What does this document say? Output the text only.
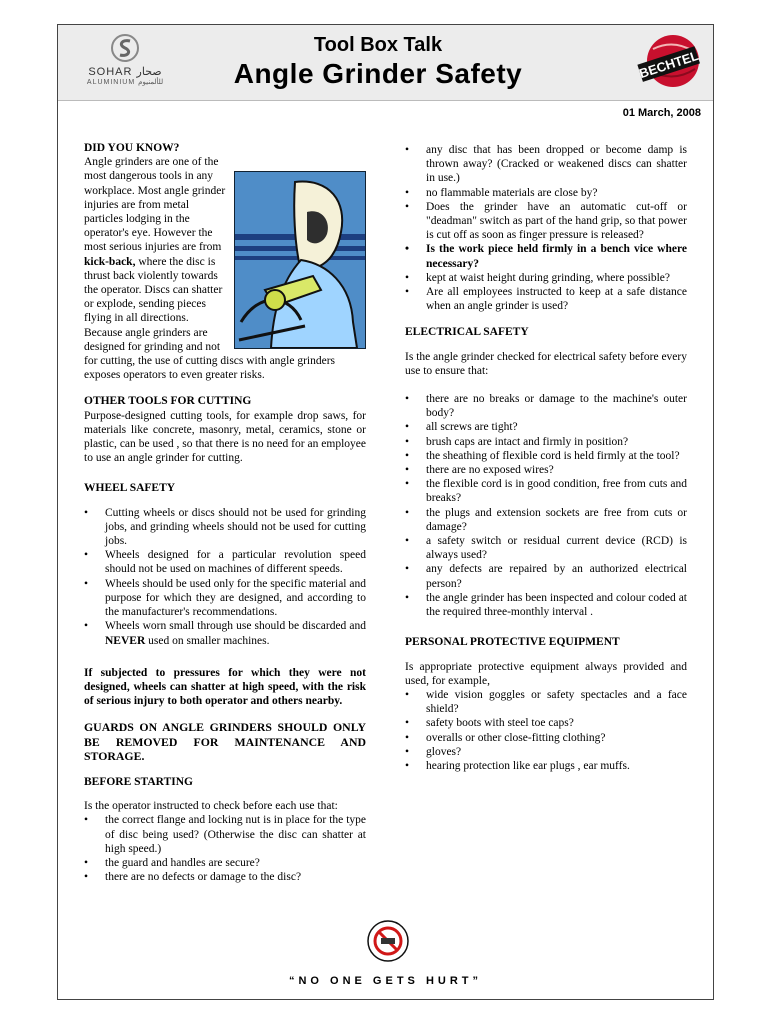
SOHAR صحار
ALUMINIUM للألمنيوم
Tool Box Talk
Angle Grinder Safety	BECHTEL
01 March, 2008

DID YOU KNOW?

Angle grinders are one of the most dangerous tools in any workplace. Most angle grinder injuries are from metal particles lodging in the operator's eye. However the most serious injuries are from kick-back, where the disc is thrust back violently towards the operator. Discs can shatter or explode, sending pieces flying in all directions. Because angle grinders are designed for grinding and not for cutting, the use of cutting discs with angle grinders exposes operators to even greater risks.

OTHER TOOLS FOR CUTTING

Purpose-designed cutting tools, for example drop saws, for materials like concrete, masonry, metal, ceramics, stone or plastic, can be used , so that there is no need for an employee to use an angle grinder for cutting.

WHEEL SAFETY

• Cutting wheels or discs should not be used for grinding jobs, and grinding wheels should not be used for cutting jobs.
• Wheels designed for a particular revolution speed should not be used on machines of different speeds.
• Wheels should be used only for the specific material and purpose for which they are designed, and according to the manufacturer's recommendations.
• Wheels worn small through use should be discarded and NEVER used on smaller machines.

If subjected to pressures for which they were not designed, wheels can shatter at high speed, with the risk of serious injury to both operator and others nearby.

GUARDS ON ANGLE GRINDERS SHOULD ONLY BE REMOVED FOR MAINTENANCE AND STORAGE.

BEFORE STARTING

Is the operator instructed to check before each use that:

• the correct flange and locking nut is in place for the type of disc being used? (Otherwise the disc can shatter at high speed.)
• the guard and handles are secure?
• there are no defects or damage to the disc?
• any disc that has been dropped or become damp is thrown away? (Cracked or weakened discs can shatter in use.)
• no flammable materials are close by?
• Does the grinder have an automatic cut-off or "deadman" switch as part of the hand grip, so that power is cut off as soon as finger pressure is released?
• Is the work piece held firmly in a bench vice where necessary?
• kept at waist height during grinding, where possible?
• Are all employees instructed to keep at a safe distance when an angle grinder is used?

ELECTRICAL SAFETY

Is the angle grinder checked for electrical safety before every use to ensure that:

• there are no breaks or damage to the machine's outer body?
• all screws are tight?
• brush caps are intact and firmly in position?
• the sheathing of flexible cord is held firmly at the tool?
• there are no exposed wires?
• the flexible cord is in good condition, free from cuts and breaks?
• the plugs and extension sockets are free from cuts or damage?
• a safety switch or residual current device (RCD) is always used?
• any defects are repaired by an authorized electrical person?
• the angle grinder has been inspected and colour coded at the required three-monthly interval .

PERSONAL PROTECTIVE EQUIPMENT

Is appropriate protective equipment always provided and used, for example,

• wide vision goggles or safety spectacles and a face shield?
• safety boots with steel toe caps?
• overalls or other close-fitting clothing?
• gloves?
• hearing protection like ear plugs , ear muffs.
“NO ONE GETS HURT”
